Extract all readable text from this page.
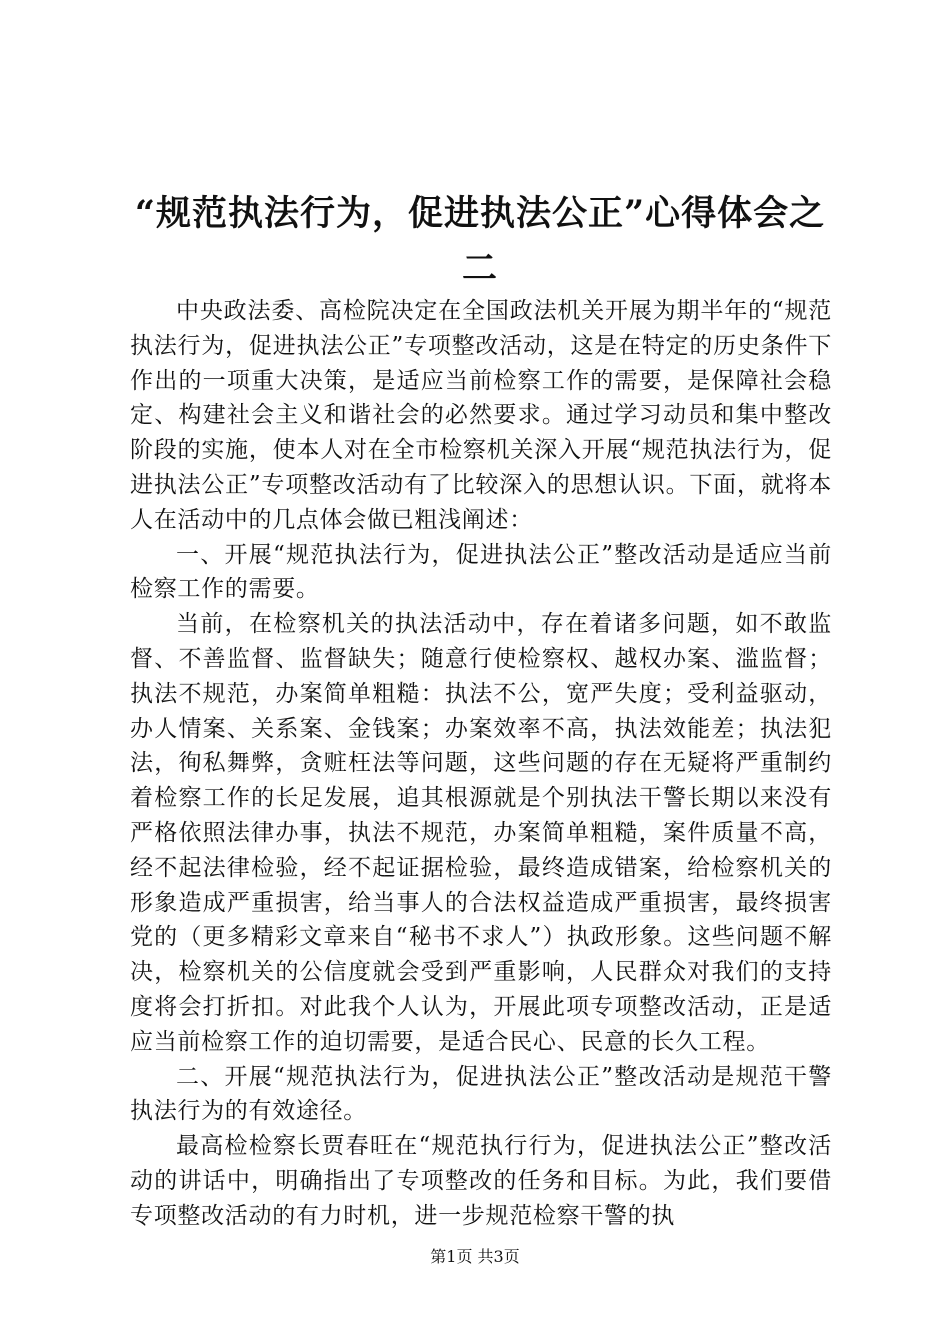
“规范执法行为，促进执法公正”心得体会之二

中央政法委、高检院决定在全国政法机关开展为期半年的“规范执法行为，促进执法公正”专项整改活动，这是在特定的历史条件下作出的一项重大决策，是适应当前检察工作的需要，是保障社会稳定、构建社会主义和谐社会的必然要求。通过学习动员和集中整改阶段的实施，使本人对在全市检察机关深入开展“规范执法行为，促进执法公正”专项整改活动有了比较深入的思想认识。下面，就将本人在活动中的几点体会做已粗浅阐述：

一、开展“规范执法行为，促进执法公正”整改活动是适应当前检察工作的需要。

当前，在检察机关的执法活动中，存在着诸多问题，如不敢监督、不善监督、监督缺失；随意行使检察权、越权办案、滥监督；执法不规范，办案简单粗糙：执法不公，宽严失度；受利益驱动，办人情案、关系案、金钱案；办案效率不高，执法效能差；执法犯法，徇私舞弊，贪赃枉法等问题，这些问题的存在无疑将严重制约着检察工作的长足发展，追其根源就是个别执法干警长期以来没有严格依照法律办事，执法不规范，办案简单粗糙，案件质量不高，经不起法律检验，经不起证据检验，最终造成错案，给检察机关的形象造成严重损害，给当事人的合法权益造成严重损害，最终损害党的（更多精彩文章来自“秘书不求人”）执政形象。这些问题不解决，检察机关的公信度就会受到严重影响，人民群众对我们的支持度将会打折扣。对此我个人认为，开展此项专项整改活动，正是适应当前检察工作的迫切需要，是适合民心、民意的长久工程。

二、开展“规范执法行为，促进执法公正”整改活动是规范干警执法行为的有效途径。

最高检检察长贾春旺在“规范执行行为，促进执法公正”整改活动的讲话中，明确指出了专项整改的任务和目标。为此，我们要借专项整改活动的有力时机，进一步规范检察干警的执

第1页 共3页
